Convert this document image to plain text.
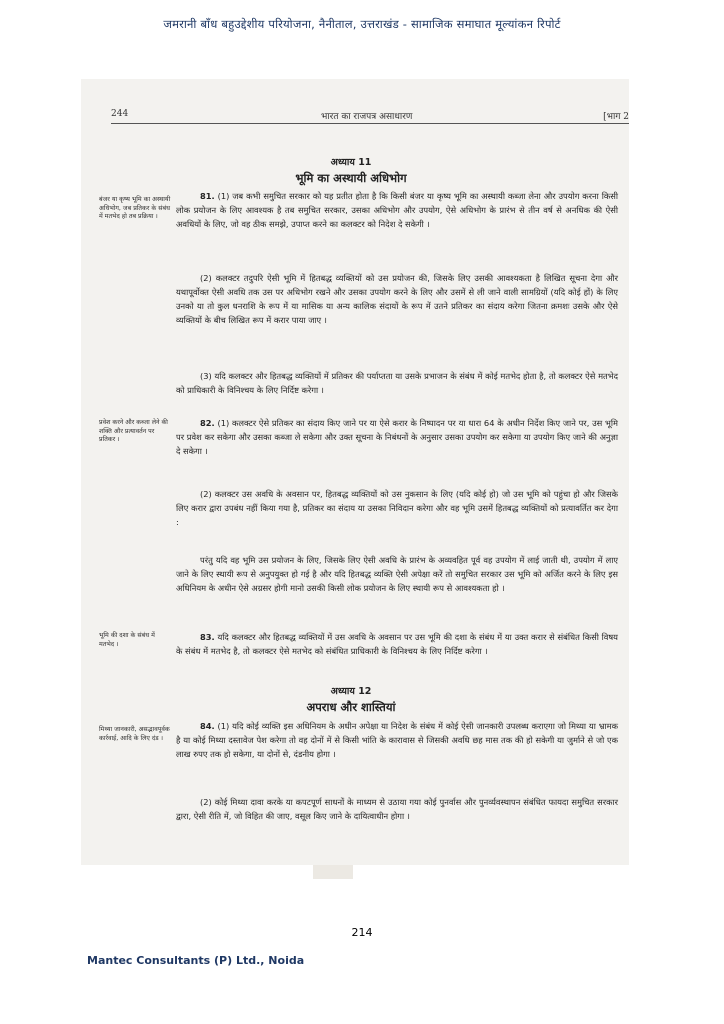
जमरानी बाँध बहुउद्देशीय परियोजना, नैनीताल, उत्तराखंड - सामाजिक समाघात मूल्यांकन रिपोर्ट
244	भारत का राजपत्र असाधारण	[भाग 2
अध्याय 11
भूमि का अस्थायी अधिभोग
बंजर या कृष्य भूमि का अस्थायी अधिभोग, जब प्रतिकर के संबंध में मतभेद हो तब प्रक्रिया ।

81. (1) जब कभी समुचित सरकार को यह प्रतीत होता है कि किसी बंजर या कृष्य भूमि का अस्थायी कब्जा लेना और उपयोग करना किसी लोक प्रयोजन के लिए आवश्यक है तब समुचित सरकार, उसका अधिभोग और उपयोग, ऐसे अधिभोग के प्रारंभ से तीन वर्ष से अनधिक की ऐसी अवधियों के लिए, जो वह ठीक समझे, उपाप्त करने का कलक्टर को निदेश दे सकेगी ।

(2) कलक्टर तदुपरि ऐसी भूमि में हितबद्ध व्यक्तियों को उस प्रयोजन की, जिसके लिए उसकी आवश्यकता है लिखित सूचना देगा और यथापूर्वोक्त ऐसी अवधि तक उस पर अधिभोग रखने और उसका उपयोग करने के लिए और उसमें से ली जाने वाली सामग्रियों (यदि कोई हों) के लिए उनको या तो कुल धनराशि के रूप में या मासिक या अन्य कालिक संदायों के रूप में उतने प्रतिकर का संदाय करेगा जितना क्रमशः उसके और ऐसे व्यक्तियों के बीच लिखित रूप में करार पाया जाए ।

(3) यदि कलक्टर और हितबद्ध व्यक्तियों में प्रतिकर की पर्याप्तता या उसके प्रभाजन के संबंध में कोई मतभेद होता है, तो कलक्टर ऐसे मतभेद को प्राधिकारी के विनिश्चय के लिए निर्दिष्ट करेगा ।

प्रवेश करने और कब्जा लेने की शक्ति और प्रत्यावर्तन पर प्रतिकर ।

82. (1) कलक्टर ऐसे प्रतिकर का संदाय किए जाने पर या ऐसे करार के निष्पादन पर या धारा 64 के अधीन निर्देश किए जाने पर, उस भूमि पर प्रवेश कर सकेगा और उसका कब्जा ले सकेगा और उक्त सूचना के निबंधनों के अनुसार उसका उपयोग कर सकेगा या उपयोग किए जाने की अनुज्ञा दे सकेगा ।

(2) कलक्टर उस अवधि के अवसान पर, हितबद्ध व्यक्तियों को उस नुकसान के लिए (यदि कोई हो) जो उस भूमि को पहुंचा हो और जिसके लिए करार द्वारा उपबंध नहीं किया गया है, प्रतिकर का संदाय या उसका निविदान करेगा और वह भूमि उसमें हितबद्ध व्यक्तियों को प्रत्यावर्तित कर देगा :

परंतु यदि वह भूमि उस प्रयोजन के लिए, जिसके लिए ऐसी अवधि के प्रारंभ के अव्यवहित पूर्व वह उपयोग में लाई जाती थी, उपयोग में लाए जाने के लिए स्थायी रूप से अनुपयुक्त हो गई है और यदि हितबद्ध व्यक्ति ऐसी अपेक्षा करें तो समुचित सरकार उस भूमि को अर्जित करने के लिए इस अधिनियम के अधीन ऐसे अग्रसर होगी मानो उसकी किसी लोक प्रयोजन के लिए स्थायी रूप से आवश्यकता हो ।

भूमि की दशा के संबंध में मतभेद ।

83. यदि कलक्टर और हितबद्ध व्यक्तियों में उस अवधि के अवसान पर उस भूमि की दशा के संबंध में या उक्त करार से संबंधित किसी विषय के संबंध में मतभेद है, तो कलक्टर ऐसे मतभेद को संबंधित प्राधिकारी के विनिश्चय के लिए निर्दिष्ट करेगा ।

अध्याय 12
अपराध और शास्तियां
मिथ्या जानकारी, असद्भावपूर्वक कार्रवाई, आदि के लिए दंड ।

84. (1) यदि कोई व्यक्ति इस अधिनियम के अधीन अपेक्षा या निदेश के संबंध में कोई ऐसी जानकारी उपलब्ध कराएगा जो मिथ्या या भ्रामक है या कोई मिथ्या दस्तावेज पेश करेगा तो वह दोनों में से किसी भांति के कारावास से जिसकी अवधि छह मास तक की हो सकेगी या जुर्माने से जो एक लाख रुपए तक हो सकेगा, या दोनों से, दंडनीय होगा ।

(2) कोई मिथ्या दावा करके या कपटपूर्ण साधनों के माध्यम से उठाया गया कोई पुनर्वास और पुनर्व्यवस्थापन संबंधित फायदा समुचित सरकार द्वारा, ऐसी रीति में, जो विहित की जाए, वसूल किए जाने के दायित्वाधीन होगा ।

214
Mantec Consultants (P) Ltd., Noida
